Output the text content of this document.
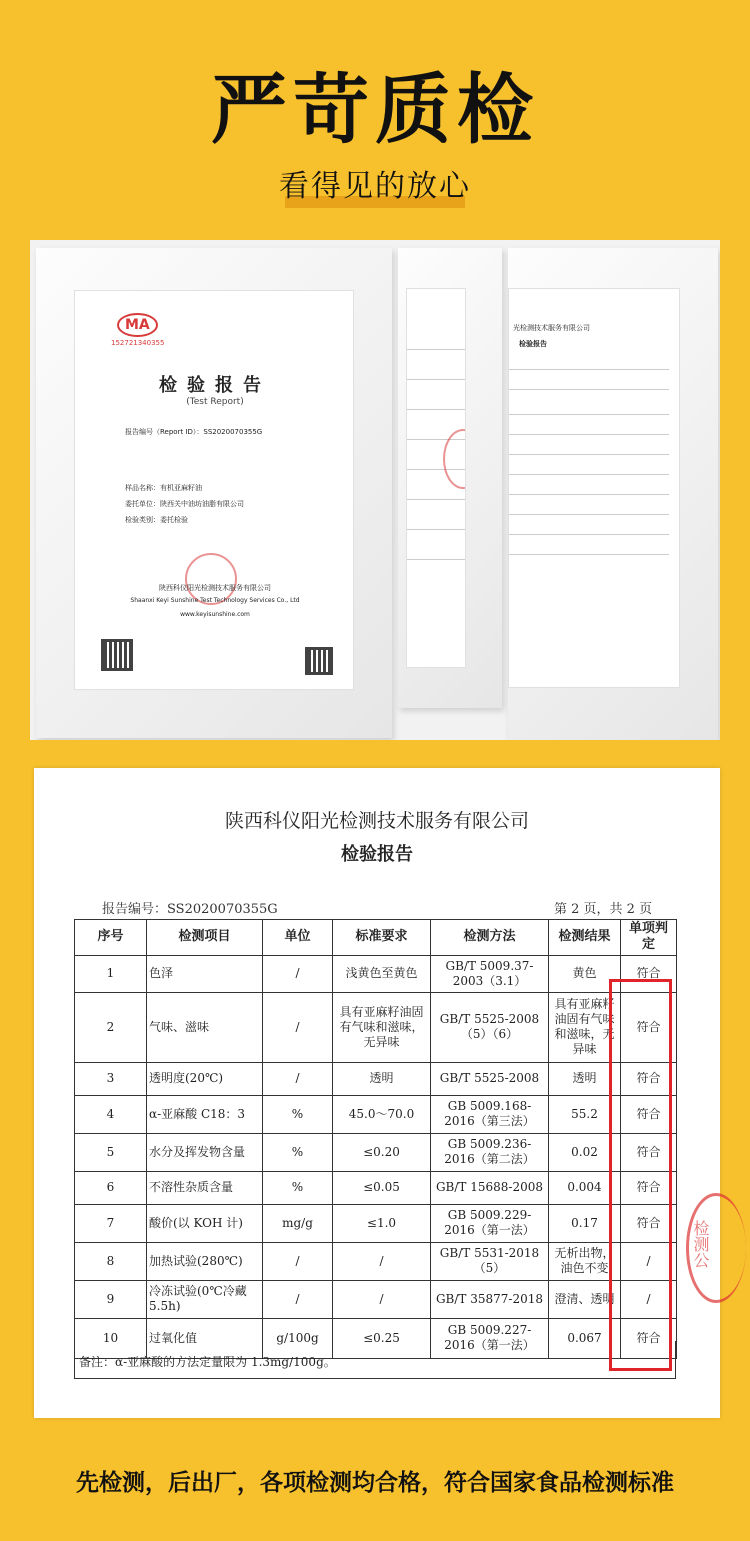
严苛质检
看得见的放心
MA
152721340355
检验报告
(Test Report)
报告编号（Report ID）：SS2020070355G
样品名称：有机亚麻籽油
委托单位：陕西关中油坊油脂有限公司
检验类别：委托检验
陕西科仪阳光检测技术服务有限公司
Shaanxi Keyi Sunshine Test Technology Services Co., Ltd
www.keyisunshine.com
光检测技术服务有限公司
检验报告
陕西科仪阳光检测技术服务有限公司
检验报告
报告编号：SS2020070355G	第 2 页，共 2 页
序号	检测项目	单位	标准要求	检测方法	检测结果	单项判定
1	色泽	/	浅黄色至黄色	GB/T 5009.37-2003（3.1）	黄色	符合
2	气味、滋味	/	具有亚麻籽油固有气味和滋味，无异味	GB/T 5525-2008（5）（6）	具有亚麻籽油固有气味和滋味，无异味	符合
3	透明度(20℃)	/	透明	GB/T 5525-2008	透明	符合
4	α-亚麻酸 C18：3	%	45.0～70.0	GB 5009.168-2016（第三法）	55.2	符合
5	水分及挥发物含量	%	≤0.20	GB 5009.236-2016（第二法）	0.02	符合
6	不溶性杂质含量	%	≤0.05	GB/T 15688-2008	0.004	符合
7	酸价(以 KOH 计)	mg/g	≤1.0	GB 5009.229-2016（第一法）	0.17	符合
8	加热试验(280℃)	/	/	GB/T 5531-2018（5）	无析出物，油色不变	/
9	冷冻试验(0℃冷藏 5.5h)	/	/	GB/T 35877-2018	澄清、透明	/
10	过氧化值	g/100g	≤0.25	GB 5009.227-2016（第一法）	0.067	符合
备注：α-亚麻酸的方法定量限为 1.3mg/100g。
检测公
先检测，后出厂，各项检测均合格，符合国家食品检测标准
